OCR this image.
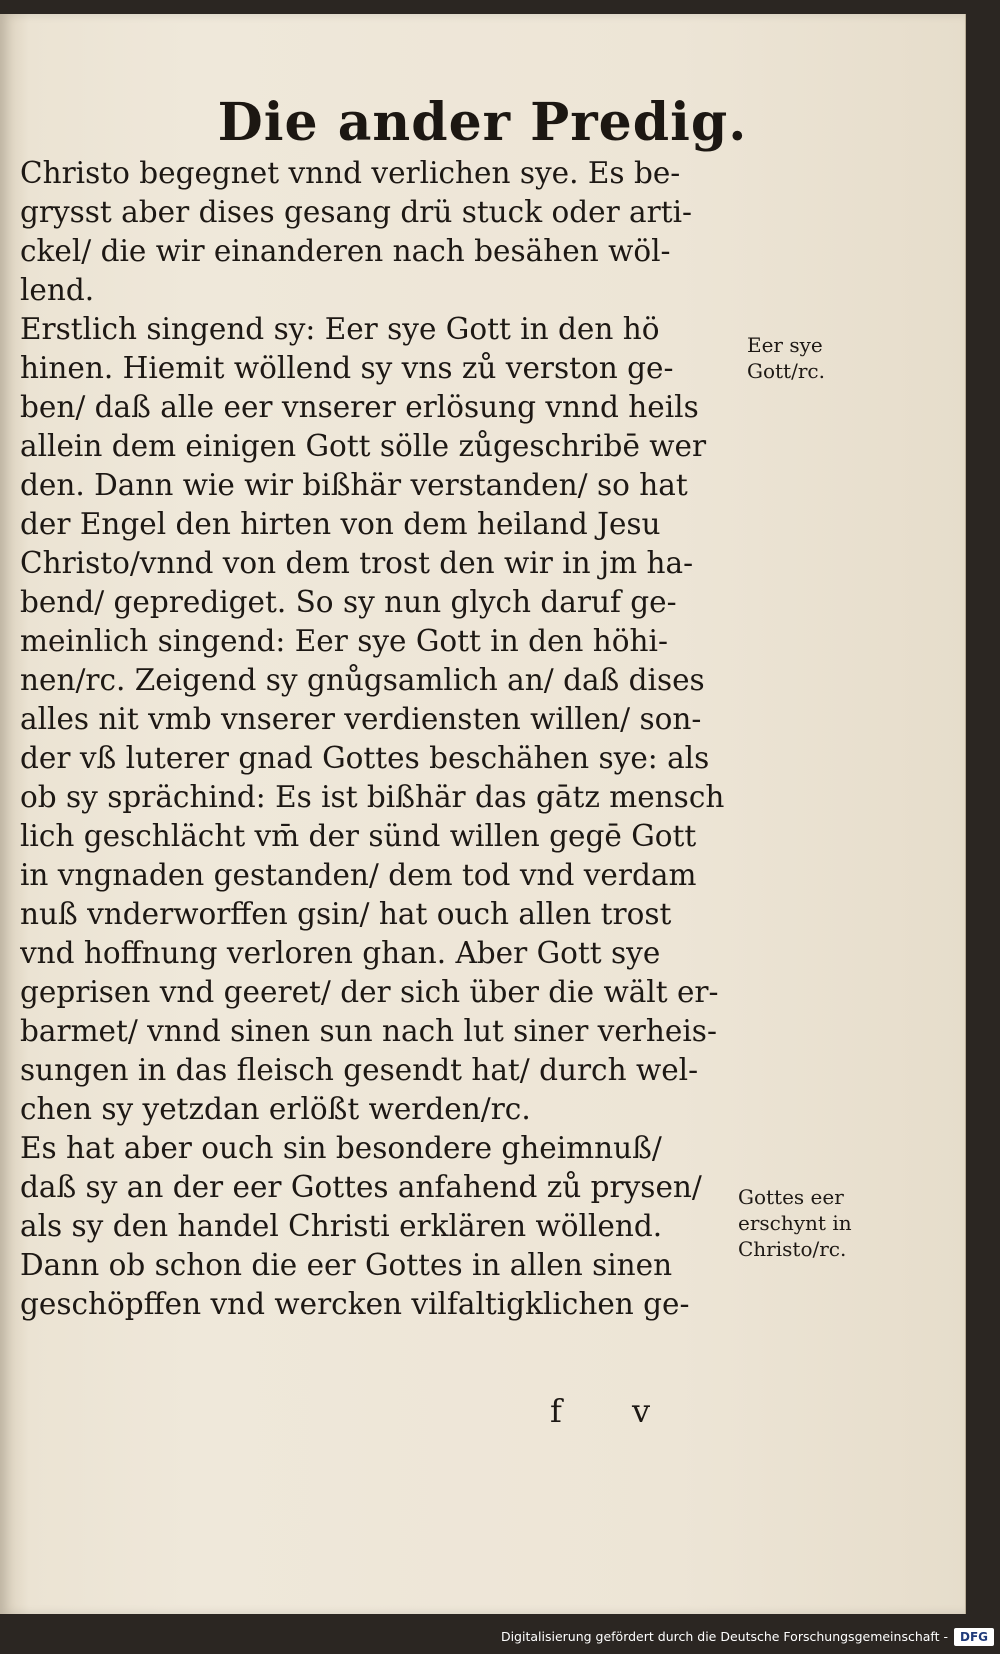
Die ander Predig.
Christo begegnet vnnd verlichen sye. Es be-
grysst aber dises gesang drü stuck oder arti-
ckel/ die wir einanderen nach besähen wöl-
lend.
Erstlich singend sy: Eer sye Gott in den hö
hinen. Hiemit wöllend sy vns zů verston ge-
ben/ daß alle eer vnserer erlösung vnnd heils
allein dem einigen Gott sölle zůgeschribē wer
den. Dann wie wir bißhär verstanden/ so hat
der Engel den hirten von dem heiland Jesu
Christo/vnnd von dem trost den wir in jm ha-
bend/ geprediget. So sy nun glych daruf ge-
meinlich singend: Eer sye Gott in den höhi-
nen/rc. Zeigend sy gnůgsamlich an/ daß dises
alles nit vmb vnserer verdiensten willen/ son-
der vß luterer gnad Gottes beschähen sye: als
ob sy sprächind: Es ist bißhär das gātz mensch
lich geschlächt vm̄ der sünd willen gegē Gott
in vngnaden gestanden/ dem tod vnd verdam
nuß vnderworffen gsin/ hat ouch allen trost
vnd hoffnung verloren ghan. Aber Gott sye
geprisen vnd geeret/ der sich über die wält er-
barmet/ vnnd sinen sun nach lut siner verheis-
sungen in das fleisch gesendt hat/ durch wel-
chen sy yetzdan erlößt werden/rc.
Es hat aber ouch sin besondere gheimnuß/
daß sy an der eer Gottes anfahend zů prysen/
als sy den handel Christi erklären wöllend.
Dann ob schon die eer Gottes in allen sinen
geschöpffen vnd wercken vilfaltigklichen ge-
Eer sye
Gott/rc.
Gottes eer
erschynt in
Christo/rc.
f v
Digitalisierung gefördert durch die Deutsche Forschungsgemeinschaft - DFG
